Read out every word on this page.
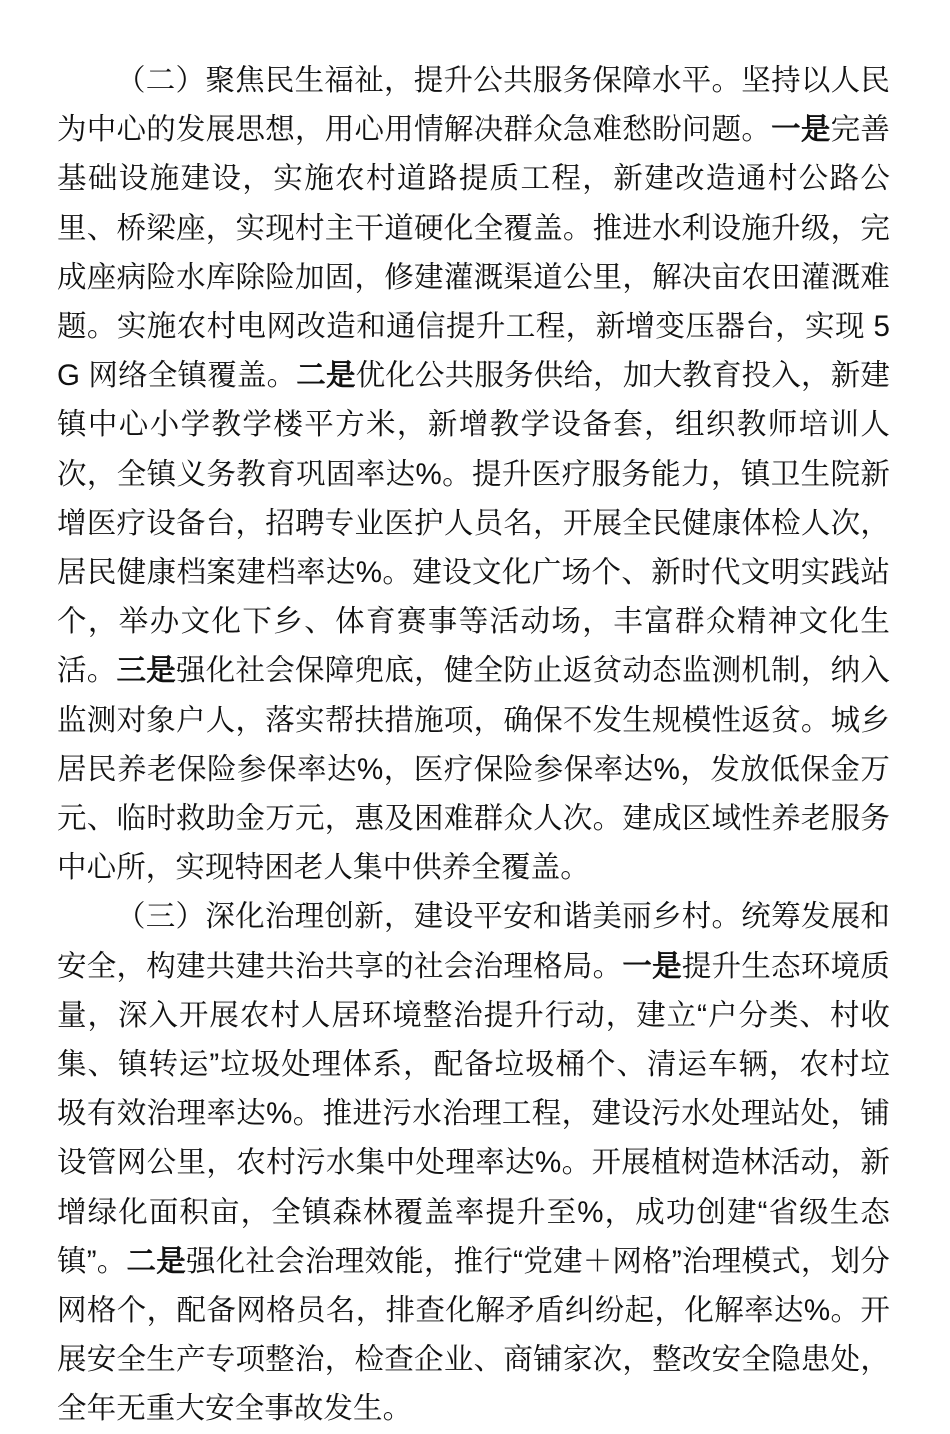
（二）聚焦民生福祉，提升公共服务保障水平。坚持以人民为中心的发展思想，用心用情解决群众急难愁盼问题。一是完善基础设施建设，实施农村道路提质工程，新建改造通村公路公里、桥梁座，实现村主干道硬化全覆盖。推进水利设施升级，完成座病险水库除险加固，修建灌溉渠道公里，解决亩农田灌溉难题。实施农村电网改造和通信提升工程，新增变压器台，实现 5G 网络全镇覆盖。二是优化公共服务供给，加大教育投入，新建镇中心小学教学楼平方米，新增教学设备套，组织教师培训人次，全镇义务教育巩固率达%。提升医疗服务能力，镇卫生院新增医疗设备台，招聘专业医护人员名，开展全民健康体检人次，居民健康档案建档率达%。建设文化广场个、新时代文明实践站个，举办文化下乡、体育赛事等活动场，丰富群众精神文化生活。三是强化社会保障兜底，健全防止返贫动态监测机制，纳入监测对象户人，落实帮扶措施项，确保不发生规模性返贫。城乡居民养老保险参保率达%，医疗保险参保率达%，发放低保金万元、临时救助金万元，惠及困难群众人次。建成区域性养老服务中心所，实现特困老人集中供养全覆盖。

（三）深化治理创新，建设平安和谐美丽乡村。统筹发展和安全，构建共建共治共享的社会治理格局。一是提升生态环境质量，深入开展农村人居环境整治提升行动，建立“户分类、村收集、镇转运”垃圾处理体系，配备垃圾桶个、清运车辆，农村垃圾有效治理率达%。推进污水治理工程，建设污水处理站处，铺设管网公里，农村污水集中处理率达%。开展植树造林活动，新增绿化面积亩，全镇森林覆盖率提升至%，成功创建“省级生态镇”。二是强化社会治理效能，推行“党建＋网格”治理模式，划分网格个，配备网格员名，排查化解矛盾纠纷起，化解率达%。开展安全生产专项整治，检查企业、商铺家次，整改安全隐患处，全年无重大安全事故发生。
